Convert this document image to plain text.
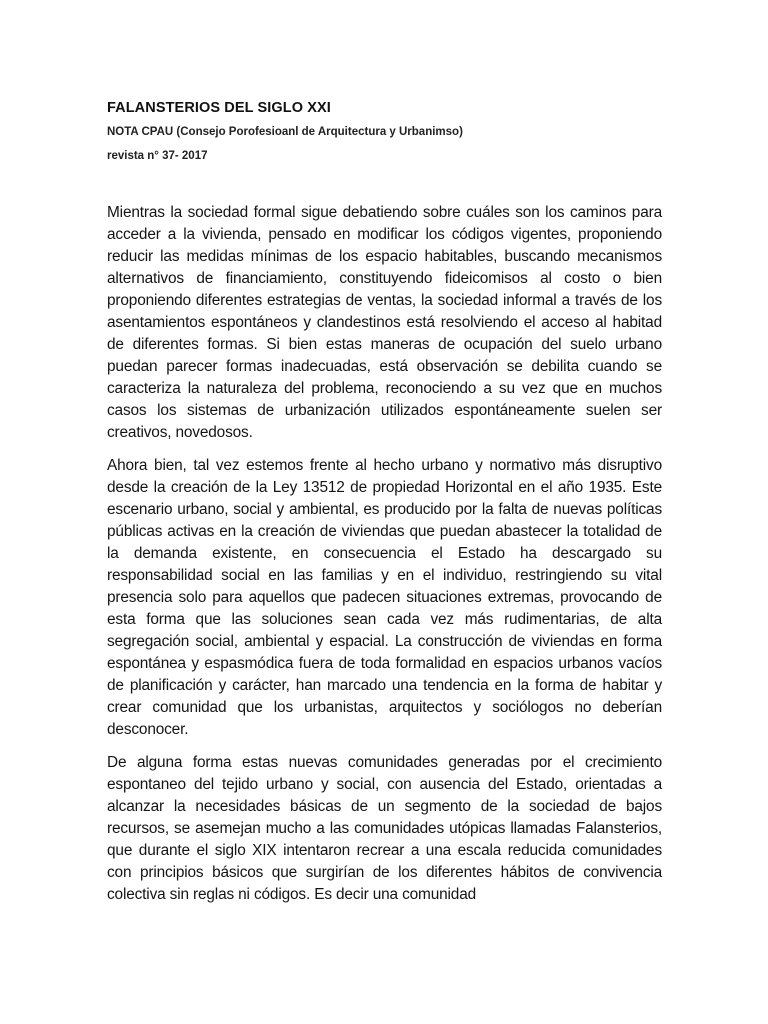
FALANSTERIOS DEL SIGLO XXI
NOTA CPAU (Consejo Porofesioanl de Arquitectura y Urbanimso)
revista n° 37- 2017

Mientras la sociedad formal sigue debatiendo sobre cuáles son los caminos para acceder a la vivienda, pensado en modificar los códigos vigentes, proponiendo reducir las medidas mínimas de los espacio habitables, buscando mecanismos alternativos de financiamiento, constituyendo fideicomisos al costo o bien proponiendo diferentes estrategias de ventas, la sociedad informal a través de los asentamientos espontáneos y clandestinos está resolviendo el acceso al habitad de diferentes formas. Si bien estas maneras de ocupación del suelo urbano puedan parecer formas inadecuadas, está observación se debilita cuando se caracteriza la naturaleza del problema, reconociendo a su vez que en muchos casos los sistemas de urbanización utilizados espontáneamente suelen ser creativos, novedosos.

Ahora bien, tal vez estemos frente al hecho urbano y normativo más disruptivo desde la creación de la Ley 13512 de propiedad Horizontal en el año 1935. Este escenario urbano, social y ambiental, es producido por la falta de nuevas políticas públicas activas en la creación de viviendas que puedan abastecer la totalidad de la demanda existente, en consecuencia el Estado ha descargado su responsabilidad social en las familias y en el individuo, restringiendo su vital presencia solo para aquellos que padecen situaciones extremas, provocando de esta forma que las soluciones sean cada vez más rudimentarias, de alta segregación social, ambiental y espacial. La construcción de viviendas en forma espontánea y espasmódica fuera de toda formalidad en espacios urbanos vacíos de planificación y carácter, han marcado una tendencia en la forma de habitar y crear comunidad que los urbanistas, arquitectos y sociólogos no deberían desconocer.

De alguna forma estas nuevas comunidades generadas por el crecimiento espontaneo del tejido urbano y social, con ausencia del Estado, orientadas a alcanzar la necesidades básicas de un segmento de la sociedad de bajos recursos, se asemejan mucho a las comunidades utópicas llamadas Falansterios, que durante el siglo XIX intentaron recrear a una escala reducida comunidades con principios básicos que surgirían de los diferentes hábitos de convivencia colectiva sin reglas ni códigos. Es decir una comunidad
